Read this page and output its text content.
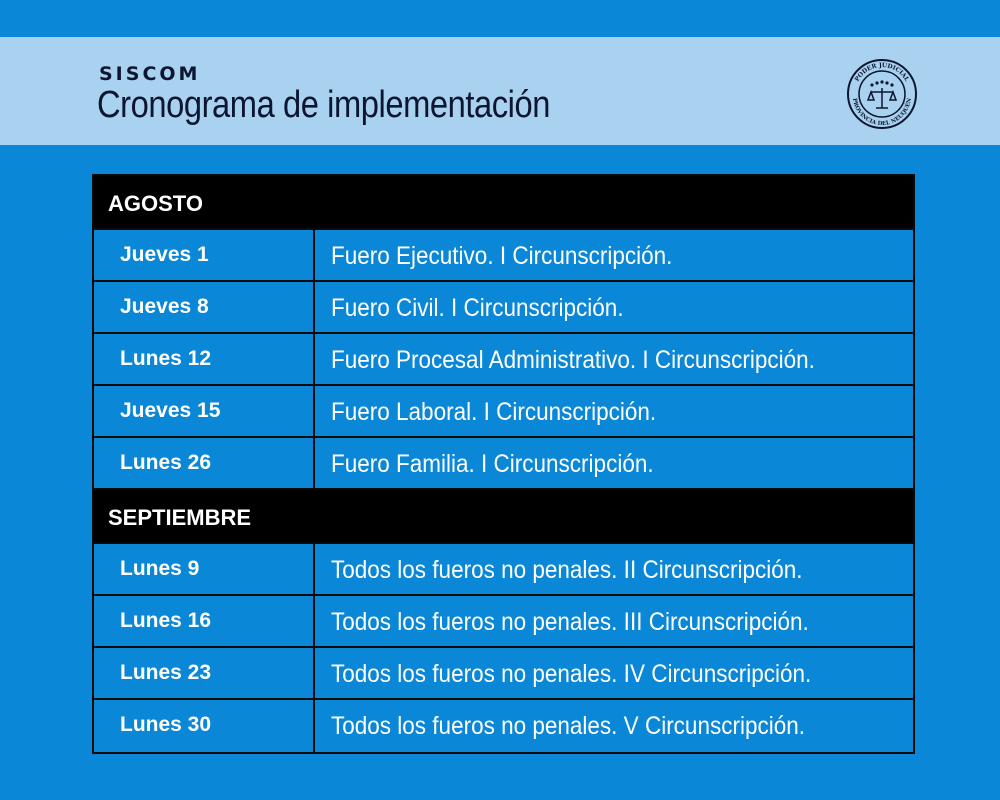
SISCOM
Cronograma de implementación
PODER JUDICIAL
PROVINCIA DEL NEUQUÉN
AGOSTO
Jueves 1	Fuero Ejecutivo. I Circunscripción.
Jueves 8	Fuero Civil. I Circunscripción.
Lunes 12	Fuero Procesal Administrativo. I Circunscripción.
Jueves 15	Fuero Laboral. I Circunscripción.
Lunes 26	Fuero Familia. I Circunscripción.
SEPTIEMBRE
Lunes 9	Todos los fueros no penales. II Circunscripción.
Lunes 16	Todos los fueros no penales. III Circunscripción.
Lunes 23	Todos los fueros no penales. IV Circunscripción.
Lunes 30	Todos los fueros no penales. V Circunscripción.
